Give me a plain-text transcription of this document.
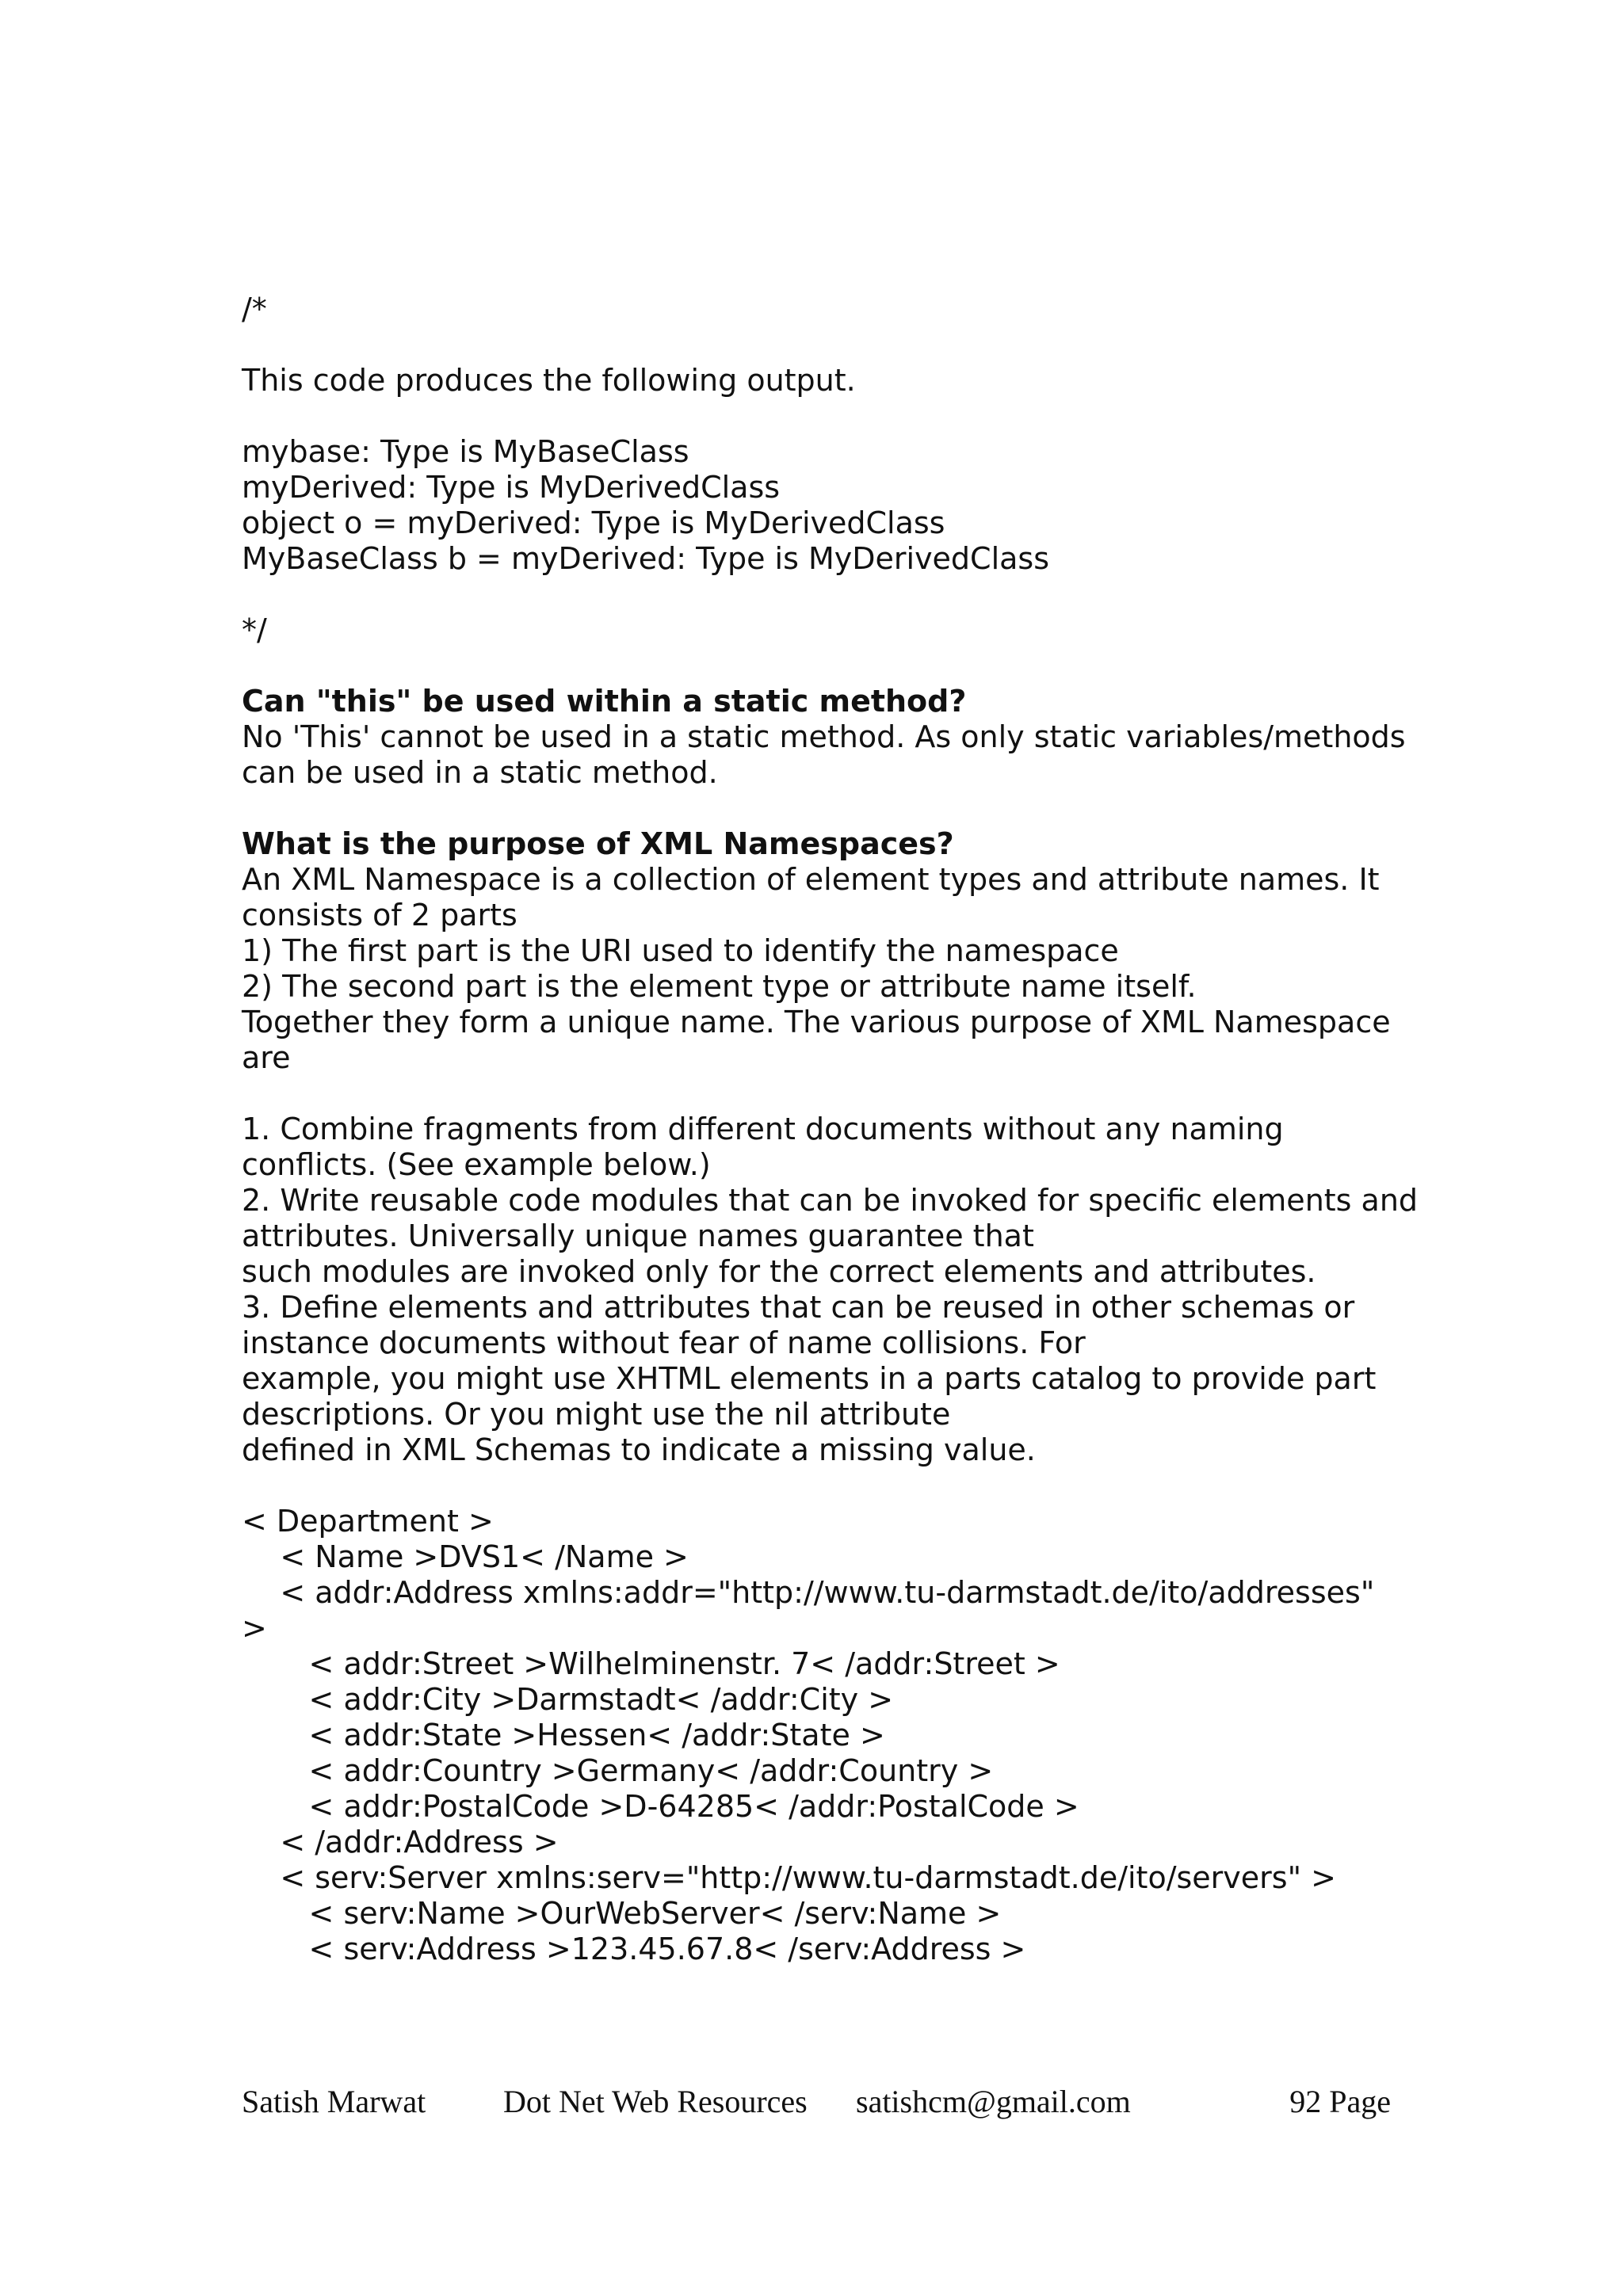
/*
This code produces the following output.
mybase: Type is MyBaseClass
myDerived: Type is MyDerivedClass
object o = myDerived: Type is MyDerivedClass
MyBaseClass b = myDerived: Type is MyDerivedClass
*/
Can "this" be used within a static method?
No 'This' cannot be used in a static method. As only static variables/methods
can be used in a static method.
What is the purpose of XML Namespaces?
An XML Namespace is a collection of element types and attribute names. It
consists of 2 parts
1) The first part is the URI used to identify the namespace
2) The second part is the element type or attribute name itself.
Together they form a unique name. The various purpose of XML Namespace
are
1. Combine fragments from different documents without any naming
conflicts. (See example below.)
2. Write reusable code modules that can be invoked for specific elements and
attributes. Universally unique names guarantee that
such modules are invoked only for the correct elements and attributes.
3. Define elements and attributes that can be reused in other schemas or
instance documents without fear of name collisions. For
example, you might use XHTML elements in a parts catalog to provide part
descriptions. Or you might use the nil attribute
defined in XML Schemas to indicate a missing value.
< Department >
< Name >DVS1< /Name >
< addr:Address xmlns:addr="http://www.tu-darmstadt.de/ito/addresses"
>
< addr:Street >Wilhelminenstr. 7< /addr:Street >
< addr:City >Darmstadt< /addr:City >
< addr:State >Hessen< /addr:State >
< addr:Country >Germany< /addr:Country >
< addr:PostalCode >D-64285< /addr:PostalCode >
< /addr:Address >
< serv:Server xmlns:serv="http://www.tu-darmstadt.de/ito/servers" >
< serv:Name >OurWebServer< /serv:Name >
< serv:Address >123.45.67.8< /serv:Address >
Satish Marwat Dot Net Web Resources satishcm@gmail.com	92 Page
